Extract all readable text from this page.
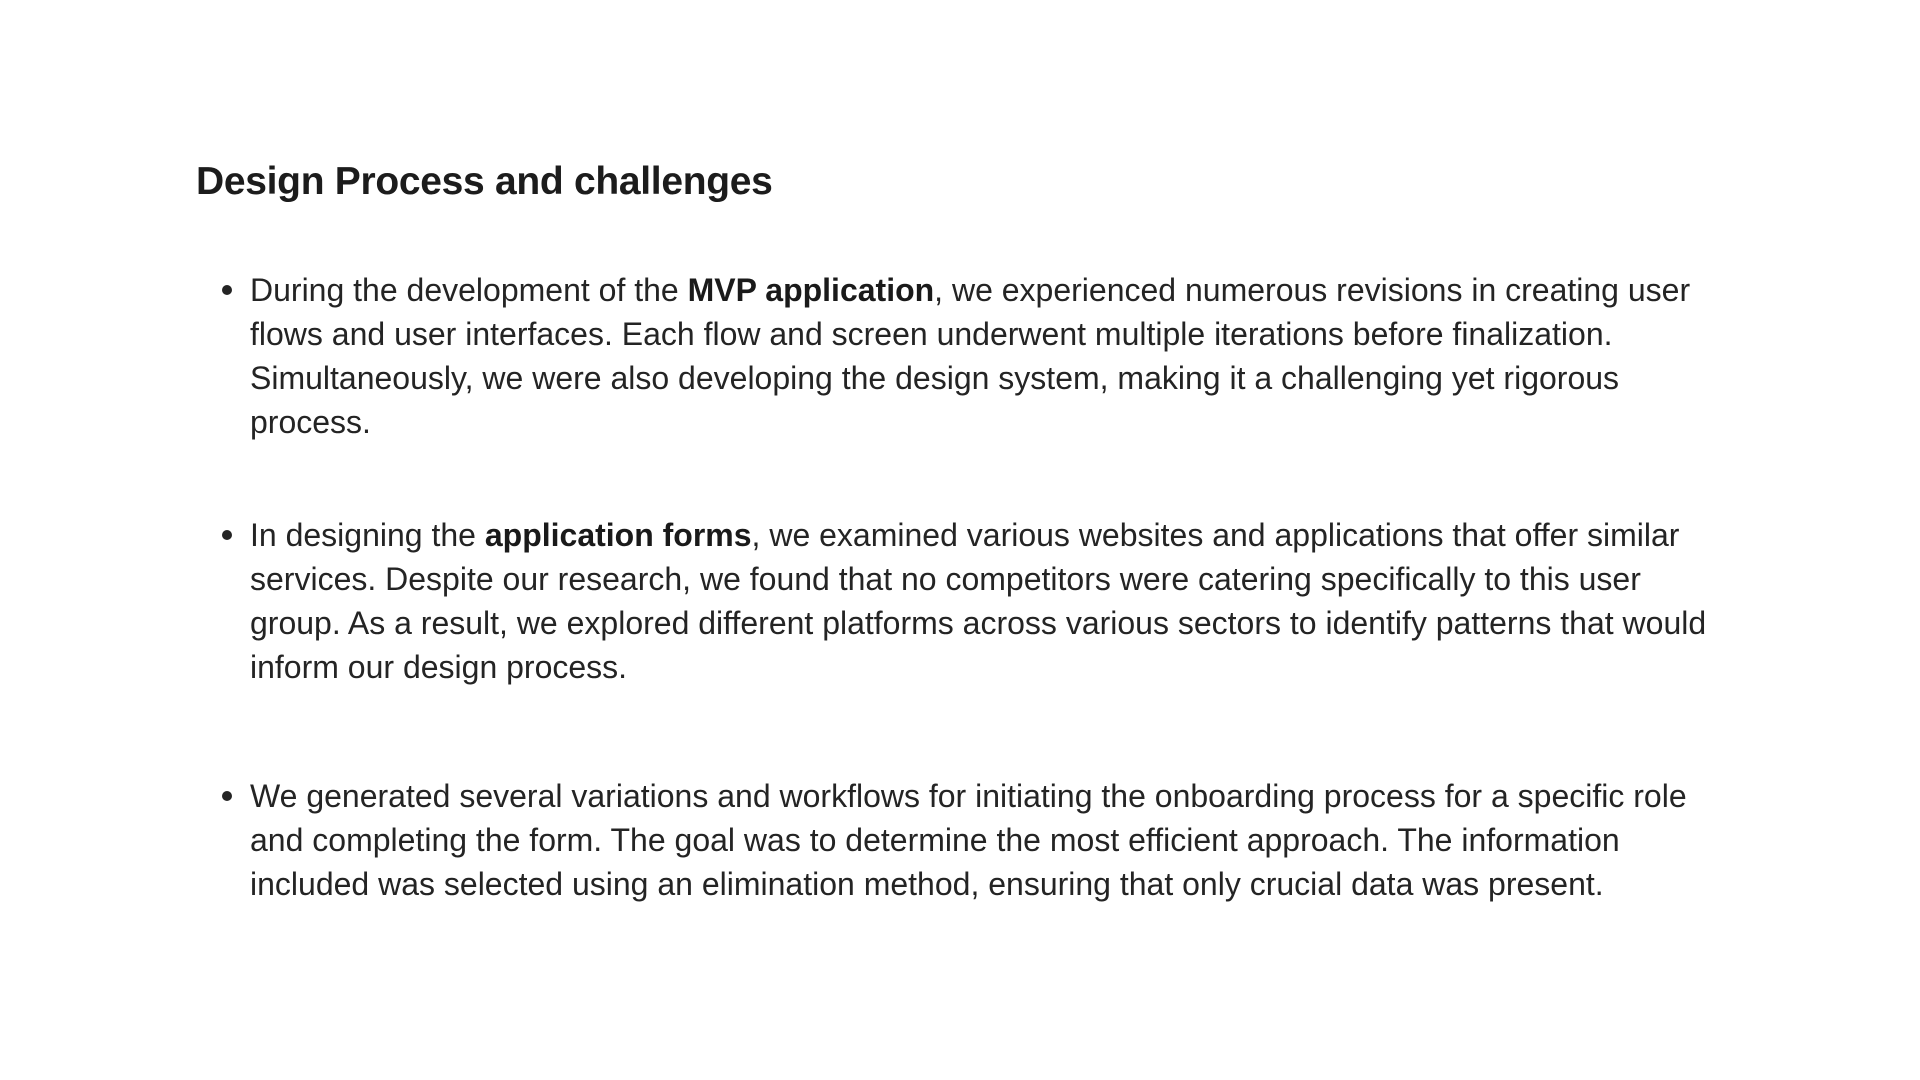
Design Process and challenges
During the development of the MVP application, we experienced numerous revisions in creating user flows and user interfaces. Each flow and screen underwent multiple iterations before finalization. Simultaneously, we were also developing the design system, making it a challenging yet rigorous process.
In designing the application forms, we examined various websites and applications that offer similar services. Despite our research, we found that no competitors were catering specifically to this user group. As a result, we explored different platforms across various sectors to identify patterns that would inform our design process.
We generated several variations and workflows for initiating the onboarding process for a specific role and completing the form. The goal was to determine the most efficient approach. The information included was selected using an elimination method, ensuring that only crucial data was present.
